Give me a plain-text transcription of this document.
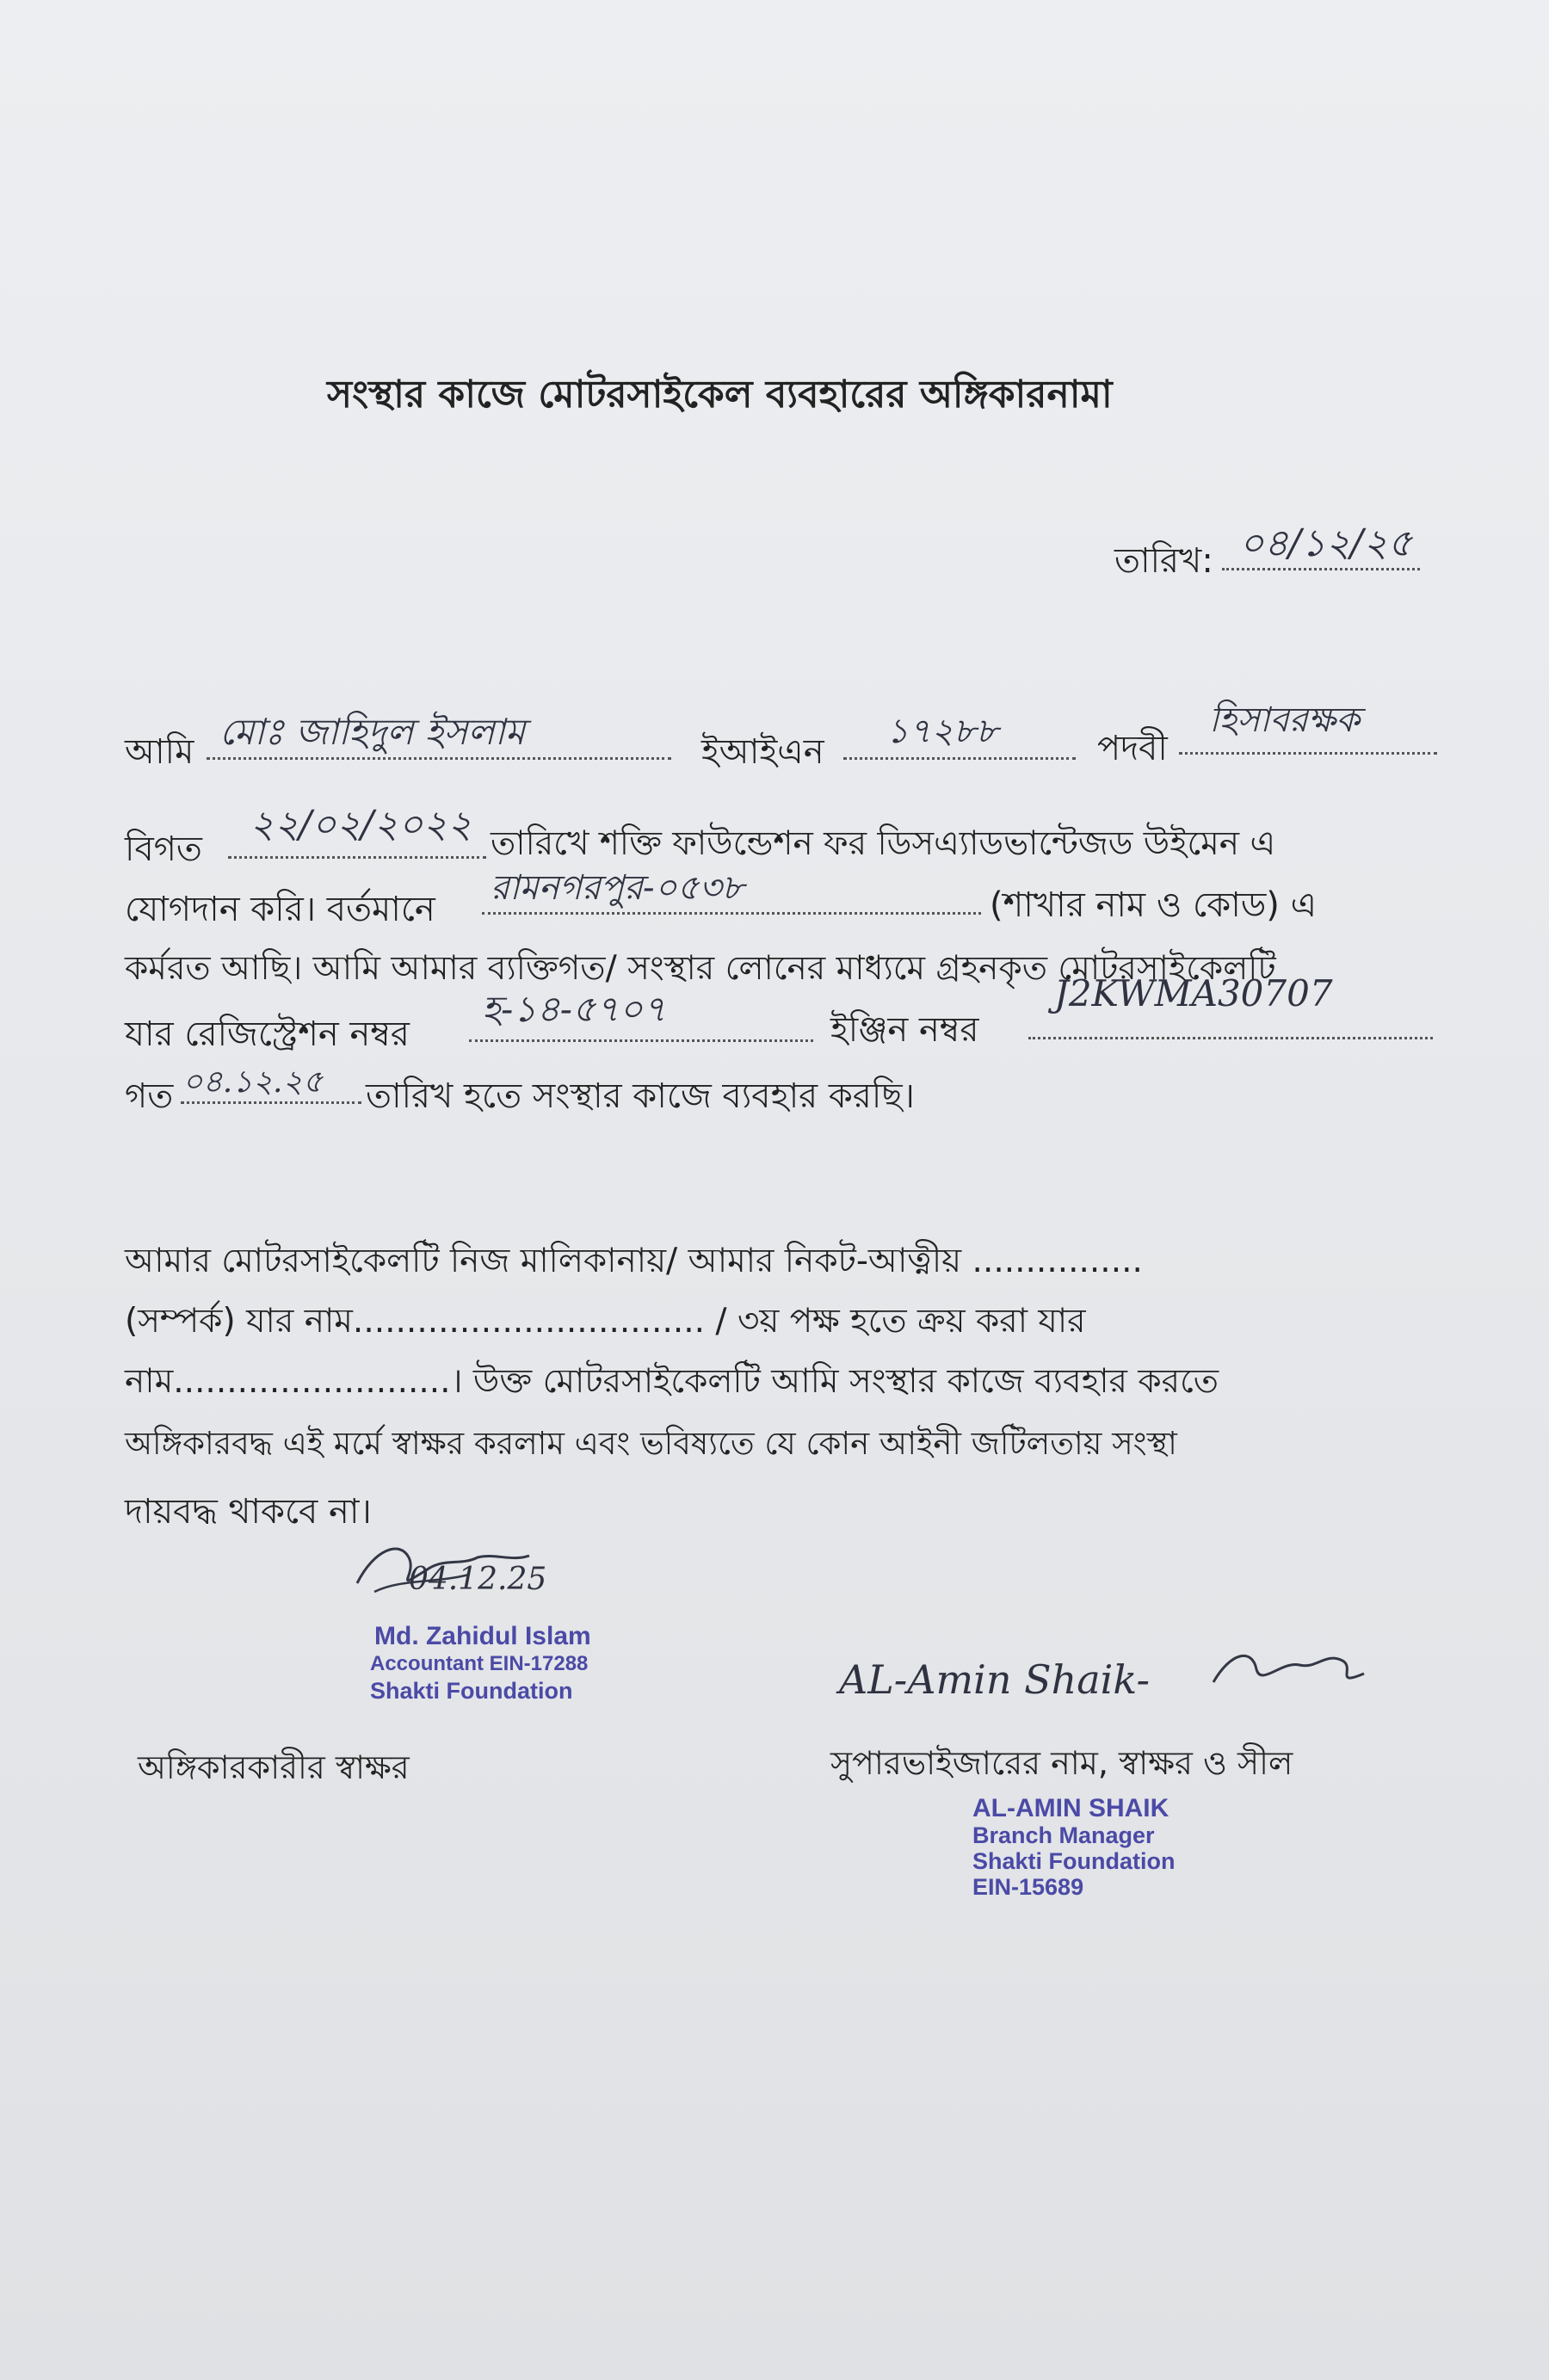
সংস্থার কাজে মোটরসাইকেল ব্যবহারের অঙ্গিকারনামা
তারিখ: ০৪/১২/২৫
আমি মোঃ জাহিদুল ইসলাম	ইআইএন
১৭২৮৮	পদবী
হিসাবরক্ষক
বিগত
২২/০২/২০২২ তারিখে শক্তি ফাউন্ডেশন ফর ডিসএ্যাডভান্টেজড উইমেন এ
যোগদান করি। বর্তমানে
রামনগরপুর-০৫৩৮	(শাখার নাম ও কোড) এ
কর্মরত আছি। আমি আমার ব্যক্তিগত/ সংস্থার লোনের মাধ্যমে গ্রহনকৃত মোটরসাইকেলটি
যার রেজিস্ট্রেশন নম্বর
হ-১৪-৫৭০৭	ইঞ্জিন নম্বর
J2KWMA30707
গত ০৪.১২.২৫ তারিখ হতে সংস্থার কাজে ব্যবহার করছি।
আমার মোটরসাইকেলটি নিজ মালিকানায়/ আমার নিকট-আত্নীয় ................
(সম্পর্ক) যার নাম................................. / ৩য় পক্ষ হতে ক্রয় করা যার
নাম..........................। উক্ত মোটরসাইকেলটি আমি সংস্থার কাজে ব্যবহার করতে
অঙ্গিকারবদ্ধ এই মর্মে স্বাক্ষর করলাম এবং ভবিষ্যতে যে কোন আইনী জটিলতায় সংস্থা
দায়বদ্ধ থাকবে না।
04.12.25
Md. Zahidul Islam
Accountant EIN-17288
Shakti Foundation
অঙ্গিকারকারীর স্বাক্ষর
AL-Amin Shaik-
সুপারভাইজারের নাম, স্বাক্ষর ও সীল
AL-AMIN SHAIK
Branch Manager
Shakti Foundation
EIN-15689
